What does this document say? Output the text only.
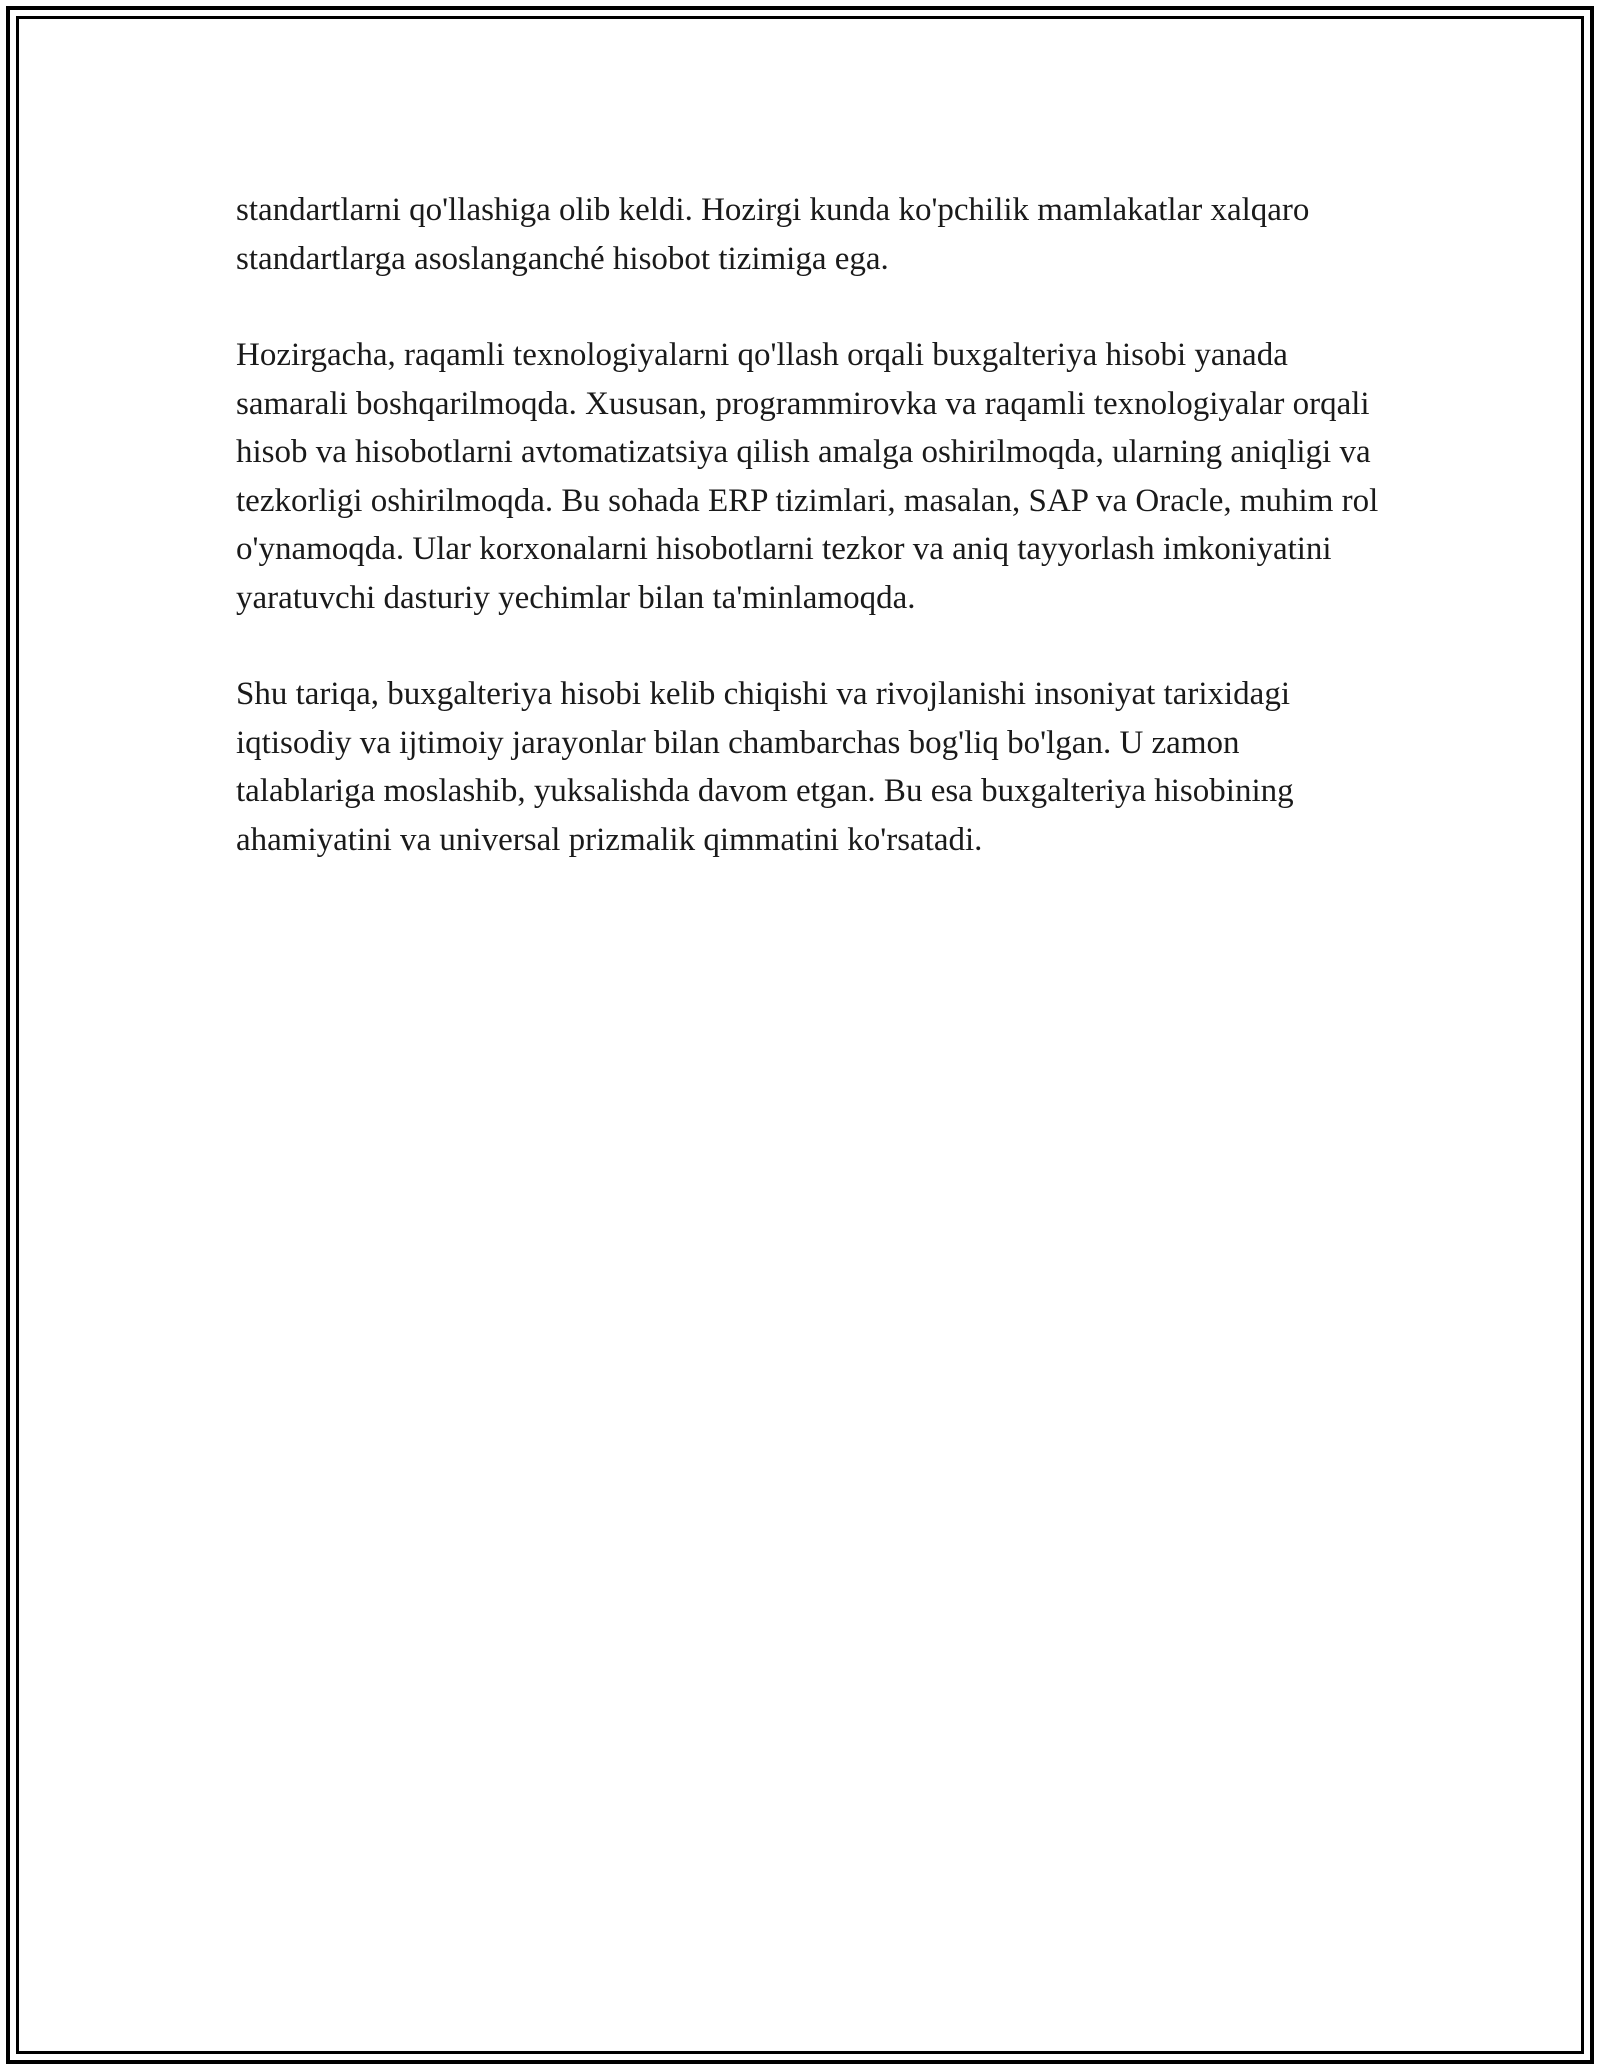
standartlarni qo'llashiga olib keldi. Hozirgi kunda ko'pchilik mamlakatlar xalqaro standartlarga asoslanganché hisobot tizimiga ega.

Hozirgacha, raqamli texnologiyalarni qo'llash orqali buxgalteriya hisobi yanada samarali boshqarilmoqda. Xususan, programmirovka va raqamli texnologiyalar orqali hisob va hisobotlarni avtomatizatsiya qilish amalga oshirilmoqda, ularning aniqligi va tezkorligi oshirilmoqda. Bu sohada ERP tizimlari, masalan, SAP va Oracle, muhim rol o'ynamoqda. Ular korxonalarni hisobotlarni tezkor va aniq tayyorlash imkoniyatini yaratuvchi dasturiy yechimlar bilan ta'minlamoqda.

Shu tariqa, buxgalteriya hisobi kelib chiqishi va rivojlanishi insoniyat tarixidagi iqtisodiy va ijtimoiy jarayonlar bilan chambarchas bog'liq bo'lgan. U zamon talablariga moslashib, yuksalishda davom etgan. Bu esa buxgalteriya hisobining ahamiyatini va universal prizmalik qimmatini ko'rsatadi.
